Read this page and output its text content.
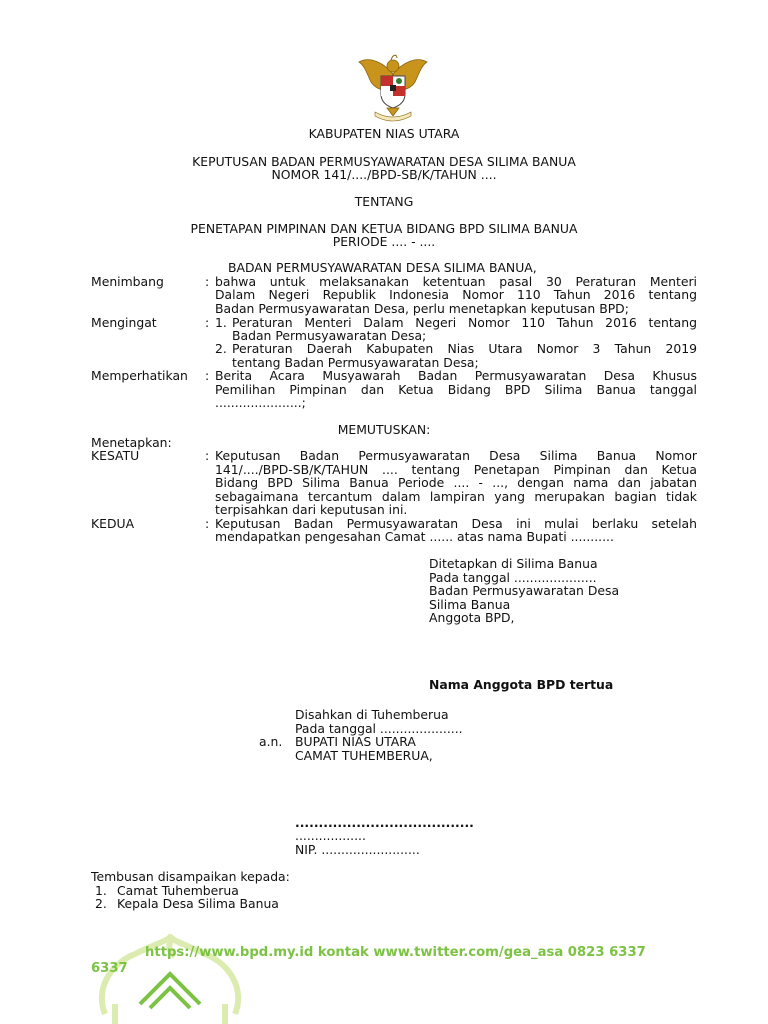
KABUPATEN NIAS UTARA
KEPUTUSAN BADAN PERMUSYAWARATAN DESA SILIMA BANUA
NOMOR 141/..../BPD-SB/K/TAHUN ....
TENTANG
PENETAPAN PIMPINAN DAN KETUA BIDANG BPD SILIMA BANUA
PERIODE .... - ....
BADAN PERMUSYAWARATAN DESA SILIMA BANUA,
Menimbang	: bahwa untuk melaksanakan ketentuan pasal 30 Peraturan Menteri
Dalam Negeri Republik Indonesia Nomor 110 Tahun 2016 tentang
Badan Permusyawaratan Desa, perlu menetapkan keputusan BPD;
Mengingat	: 1. Peraturan Menteri Dalam Negeri Nomor 110 Tahun 2016 tentang
Badan Permusyawaratan Desa;
2. Peraturan Daerah Kabupaten Nias Utara Nomor 3 Tahun 2019
tentang Badan Permusyawaratan Desa;
Memperhatikan : Berita Acara Musyawarah Badan Permusyawaratan Desa Khusus
Pemilihan Pimpinan dan Ketua Bidang BPD Silima Banua tanggal
......................;
MEMUTUSKAN:
Menetapkan:
KESATU	: Keputusan Badan Permusyawaratan Desa Silima Banua Nomor
141/..../BPD-SB/K/TAHUN .... tentang Penetapan Pimpinan dan Ketua
Bidang BPD Silima Banua Periode .... - ..., dengan nama dan jabatan
sebagaimana tercantum dalam lampiran yang merupakan bagian tidak
terpisahkan dari keputusan ini.
KEDUA	: Keputusan Badan Permusyawaratan Desa ini mulai berlaku setelah
mendapatkan pengesahan Camat ...... atas nama Bupati ...........
Ditetapkan di Silima Banua
Pada tanggal .....................
Badan Permusyawaratan Desa
Silima Banua
Anggota BPD,
Nama Anggota BPD tertua
Disahkan di Tuhemberua
Pada tanggal .....................
a.n. BUPATI NIAS UTARA
CAMAT TUHEMBERUA,
......................................
..................
NIP. .........................
Tembusan disampaikan kepada:
1. Camat Tuhemberua
2. Kepala Desa Silima Banua
https://www.bpd.my.id kontak www.twitter.com/gea_asa 0823 6337
6337
